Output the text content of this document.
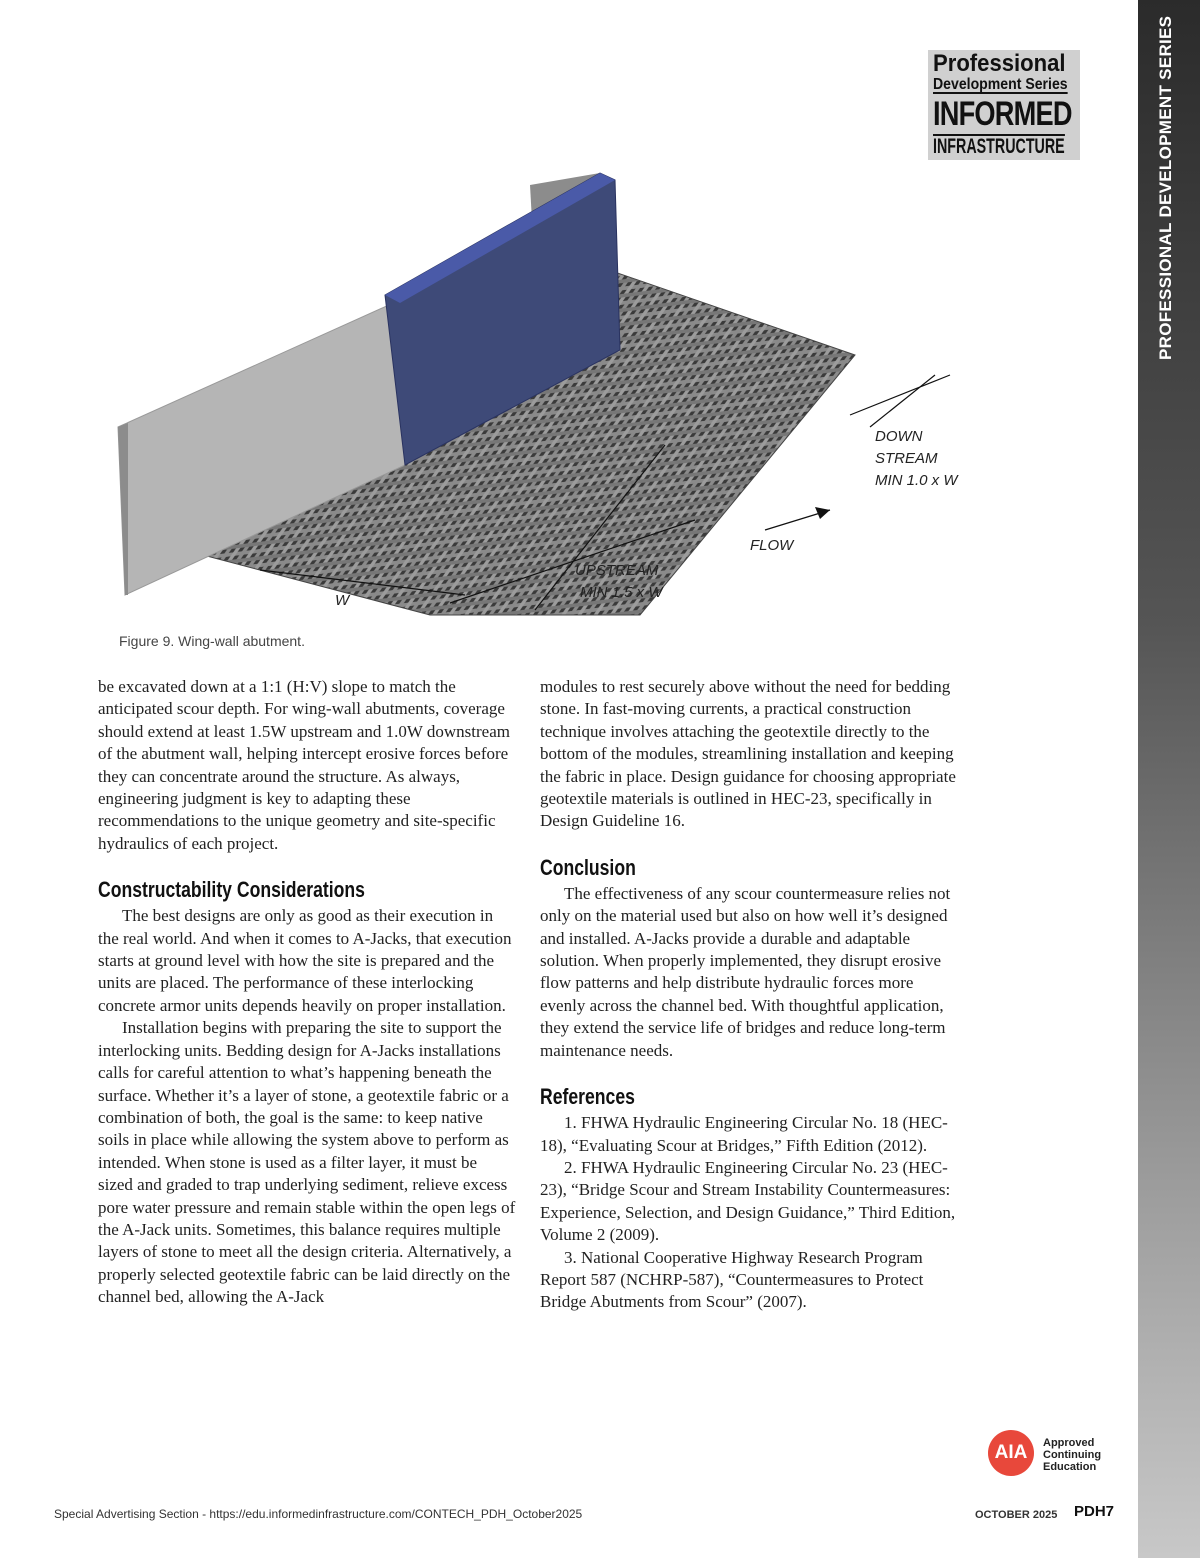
PROFESSIONAL DEVELOPMENT SERIES
Professional
Development Series
INFORMED
INFRASTRUCTURE
W
UPSTREAM
MIN 1.5 x W
FLOW
DOWN
STREAM
MIN 1.0 x W
Figure 9. Wing-wall abutment.

be excavated down at a 1:1 (H:V) slope to match the anticipated scour depth. For wing-wall abutments, coverage should extend at least 1.5W upstream and 1.0W downstream of the abutment wall, helping intercept erosive forces before they can concentrate around the structure. As always, engineering judgment is key to adapting these recommendations to the unique geometry and site-specific hydraulics of each project.

Constructability Considerations

The best designs are only as good as their execution in the real world. And when it comes to A-Jacks, that execution starts at ground level with how the site is prepared and the units are placed. The performance of these interlocking concrete armor units depends heavily on proper installation.

Installation begins with preparing the site to support the interlocking units. Bedding design for A-Jacks installations calls for careful attention to what’s happening beneath the surface. Whether it’s a layer of stone, a geotextile fabric or a combination of both, the goal is the same: to keep native soils in place while allowing the system above to perform as intended. When stone is used as a filter layer, it must be sized and graded to trap underlying sediment, relieve excess pore water pressure and remain stable within the open legs of the A-Jack units. Sometimes, this balance requires multiple layers of stone to meet all the design criteria. Alternatively, a properly selected geotextile fabric can be laid directly on the channel bed, allowing the A-Jack

modules to rest securely above without the need for bedding stone. In fast-moving currents, a practical construction technique involves attaching the geotextile directly to the bottom of the modules, streamlining installation and keeping the fabric in place. Design guidance for choosing appropriate geotextile materials is outlined in HEC-23, specifically in Design Guideline 16.

Conclusion

The effectiveness of any scour countermeasure relies not only on the material used but also on how well it’s designed and installed. A-Jacks provide a durable and adaptable solution. When properly implemented, they disrupt erosive flow patterns and help distribute hydraulic forces more evenly across the channel bed. With thoughtful application, they extend the service life of bridges and reduce long-term maintenance needs.

References

1. FHWA Hydraulic Engineering Circular No. 18 (HEC-18), “Evaluating Scour at Bridges,” Fifth Edition (2012).

2. FHWA Hydraulic Engineering Circular No. 23 (HEC-23), “Bridge Scour and Stream Instability Countermeasures: Experience, Selection, and Design Guidance,” Third Edition, Volume 2 (2009).

3. National Cooperative Highway Research Program Report 587 (NCHRP-587), “Countermeasures to Protect Bridge Abutments from Scour” (2007).

AIA	Approved
Continuing
Education
Special Advertising Section - https://edu.informedinfrastructure.com/CONTECH_PDH_October2025	OCTOBER 2025 PDH7
